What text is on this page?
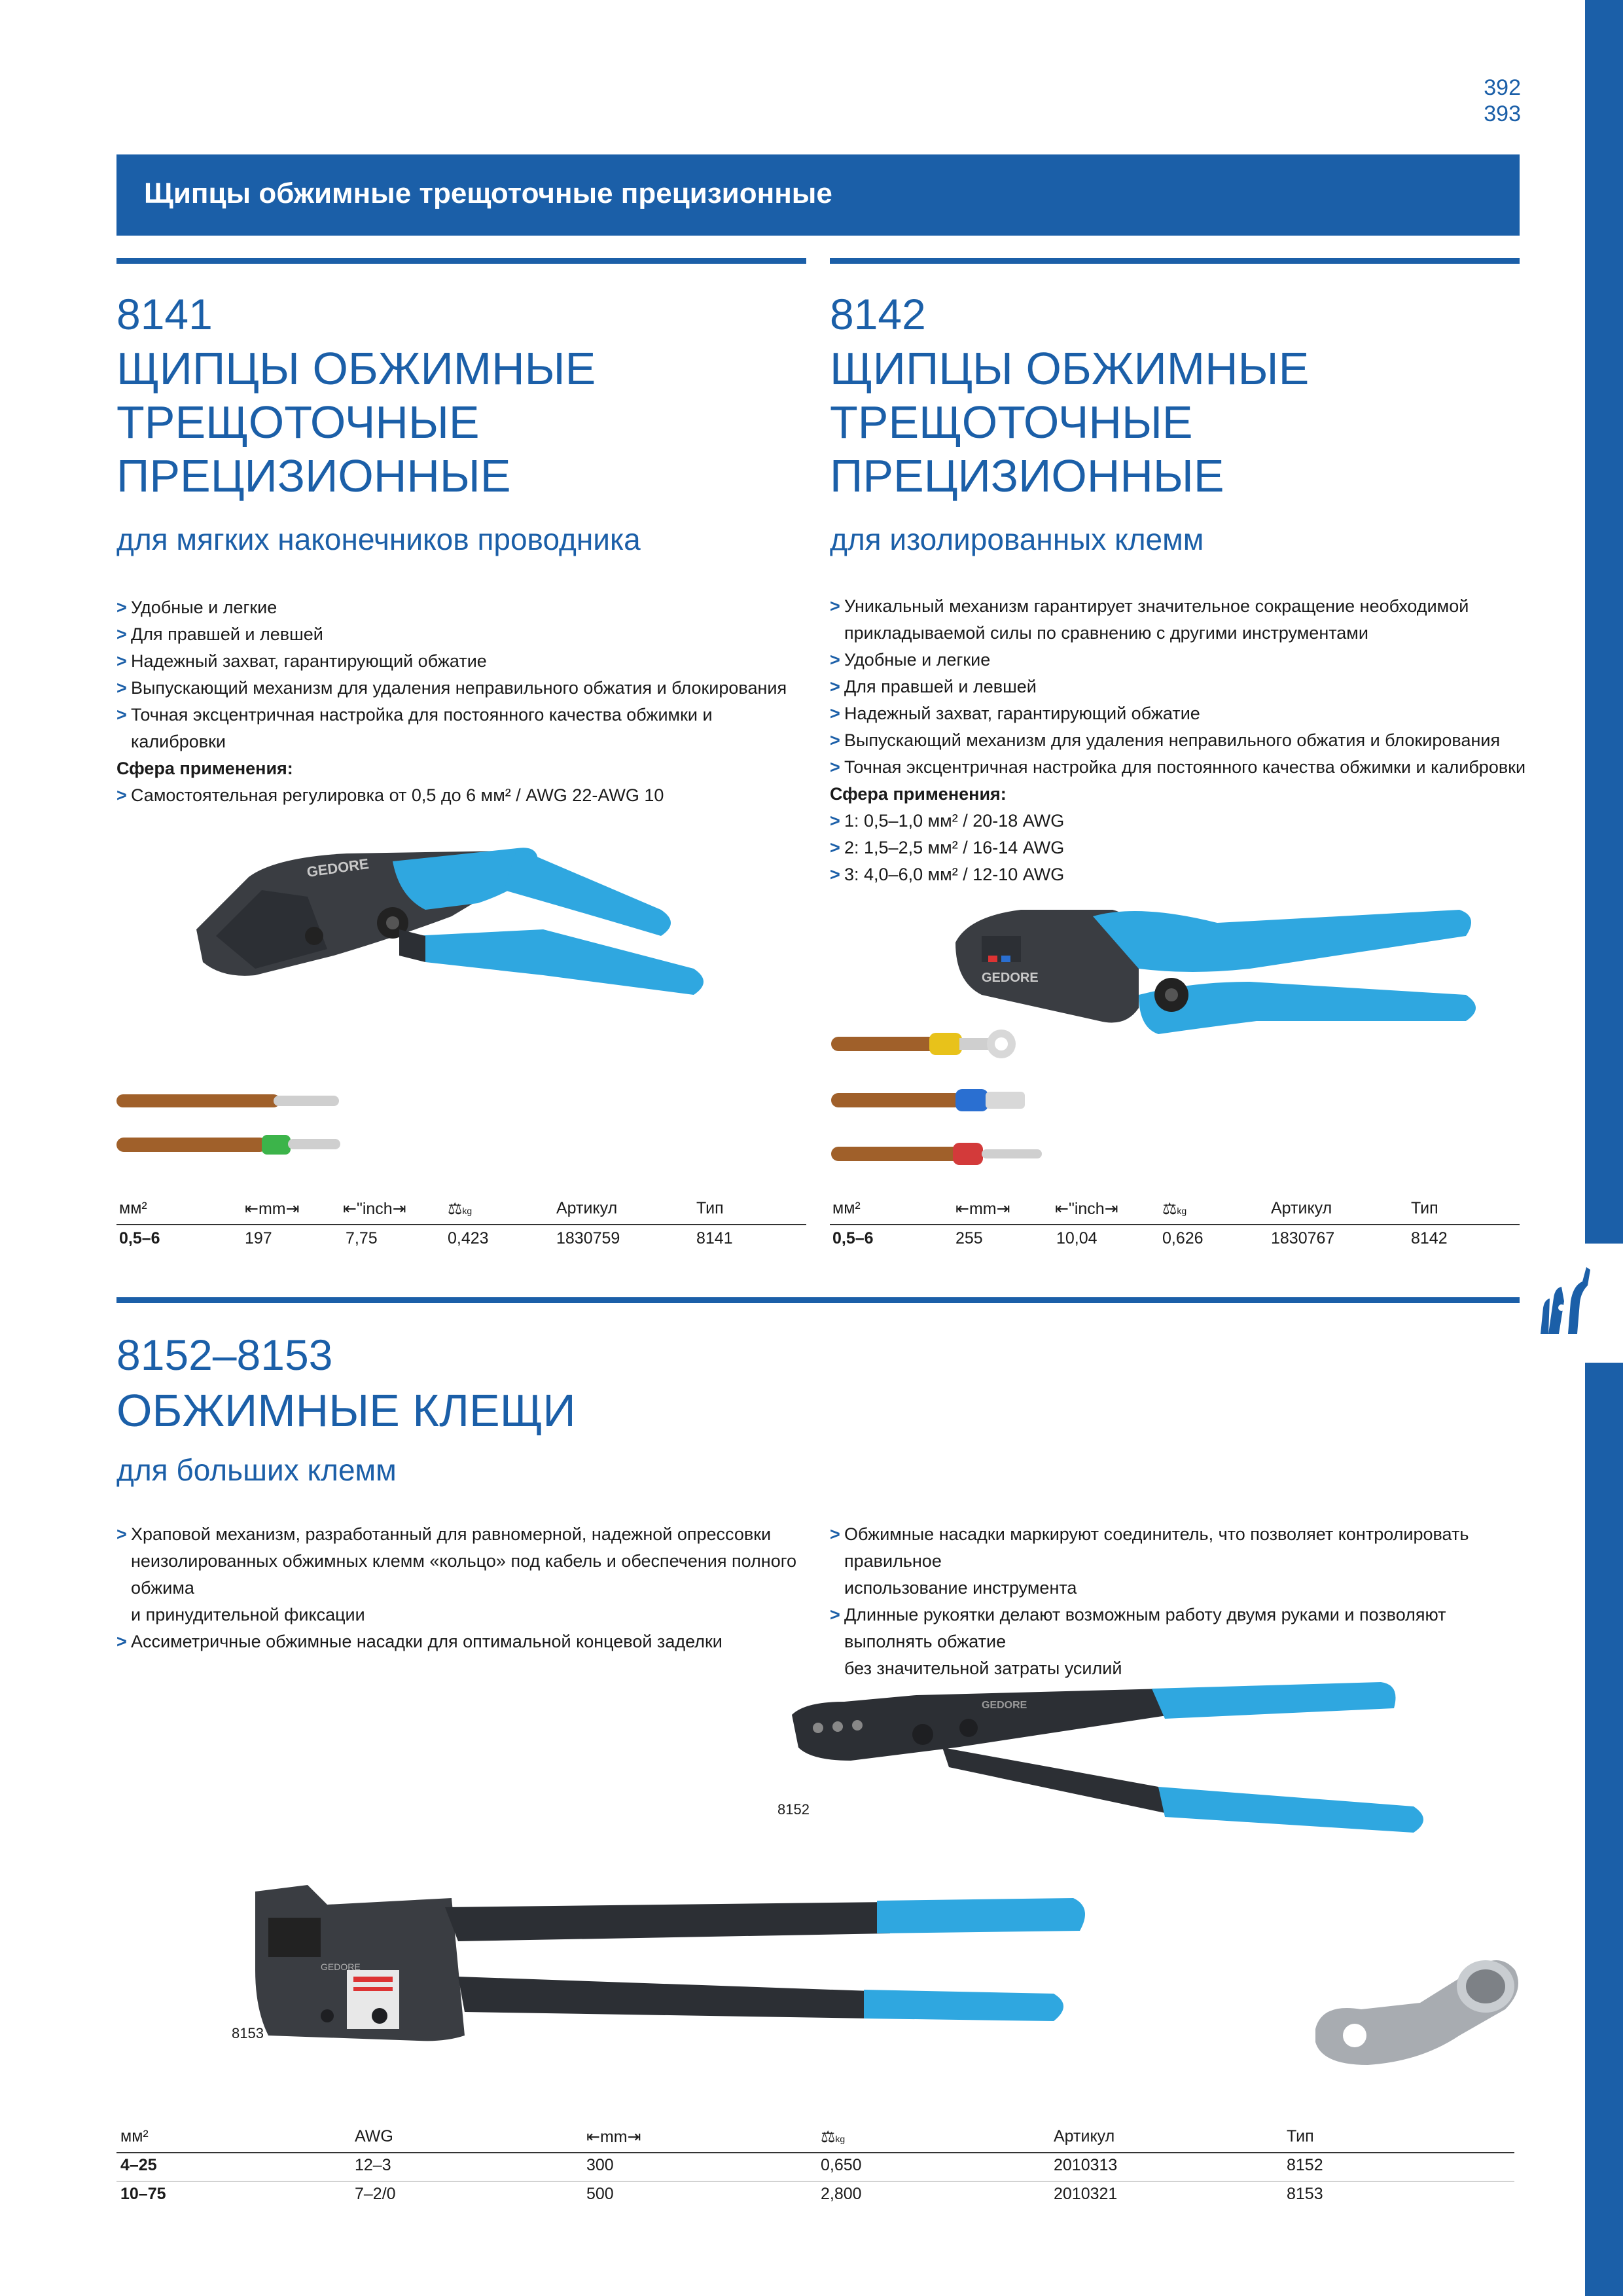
392
393
Щипцы обжимные трещоточные прецизионные
8141
ЩИПЦЫ ОБЖИМНЫЕ
ТРЕЩОТОЧНЫЕ
ПРЕЦИЗИОННЫЕ
для мягких наконечников проводника
> Удобные и легкие
> Для правшей и левшей
> Надежный захват, гарантирующий обжатие
> Выпускающий механизм для удаления неправильного обжатия и блокирования
> Точная эксцентричная настройка для постоянного качества обжимки и калибровки
Сфера применения:
> Самостоятельная регулировка от 0,5 до 6 мм² / AWG 22-AWG 10
GEDORE
мм²	⇤mm⇥	⇤"inch⇥	⚖kg	Артикул	Тип
0,5–6	197	7,75	0,423	1830759	8141
8142
ЩИПЦЫ ОБЖИМНЫЕ
ТРЕЩОТОЧНЫЕ
ПРЕЦИЗИОННЫЕ
для изолированных клемм
> Уникальный механизм гарантирует значительное сокращение необходимой
прикладываемой силы по сравнению с другими инструментами
> Удобные и легкие
> Для правшей и левшей
> Надежный захват, гарантирующий обжатие
> Выпускающий механизм для удаления неправильного обжатия и блокирования
> Точная эксцентричная настройка для постоянного качества обжимки и калибровки
Сфера применения:
> 1: 0,5–1,0 мм² / 20-18 AWG
> 2: 1,5–2,5 мм² / 16-14 AWG
> 3: 4,0–6,0 мм² / 12-10 AWG
GEDORE
мм²	⇤mm⇥	⇤"inch⇥	⚖kg	Артикул	Тип
0,5–6	255	10,04	0,626	1830767	8142
8152–8153
ОБЖИМНЫЕ КЛЕЩИ
для больших клемм
> Храповой механизм, разработанный для равномерной, надежной опрессовки
неизолированных обжимных клемм «кольцо» под кабель и обеспечения полного обжима
и принудительной фиксации
> Ассиметричные обжимные насадки для оптимальной концевой заделки
> Обжимные насадки маркируют соединитель, что позволяет контролировать правильное
использование инструмента
> Длинные рукоятки делают возможным работу двумя руками и позволяют выполнять обжатие
без значительной затраты усилий
GEDORE
8152
GEDORE
8153
мм²	AWG	⇤mm⇥	⚖kg	Артикул	Тип
4–25	12–3	300	0,650	2010313	8152
10–75	7–2/0	500	2,800	2010321	8153
